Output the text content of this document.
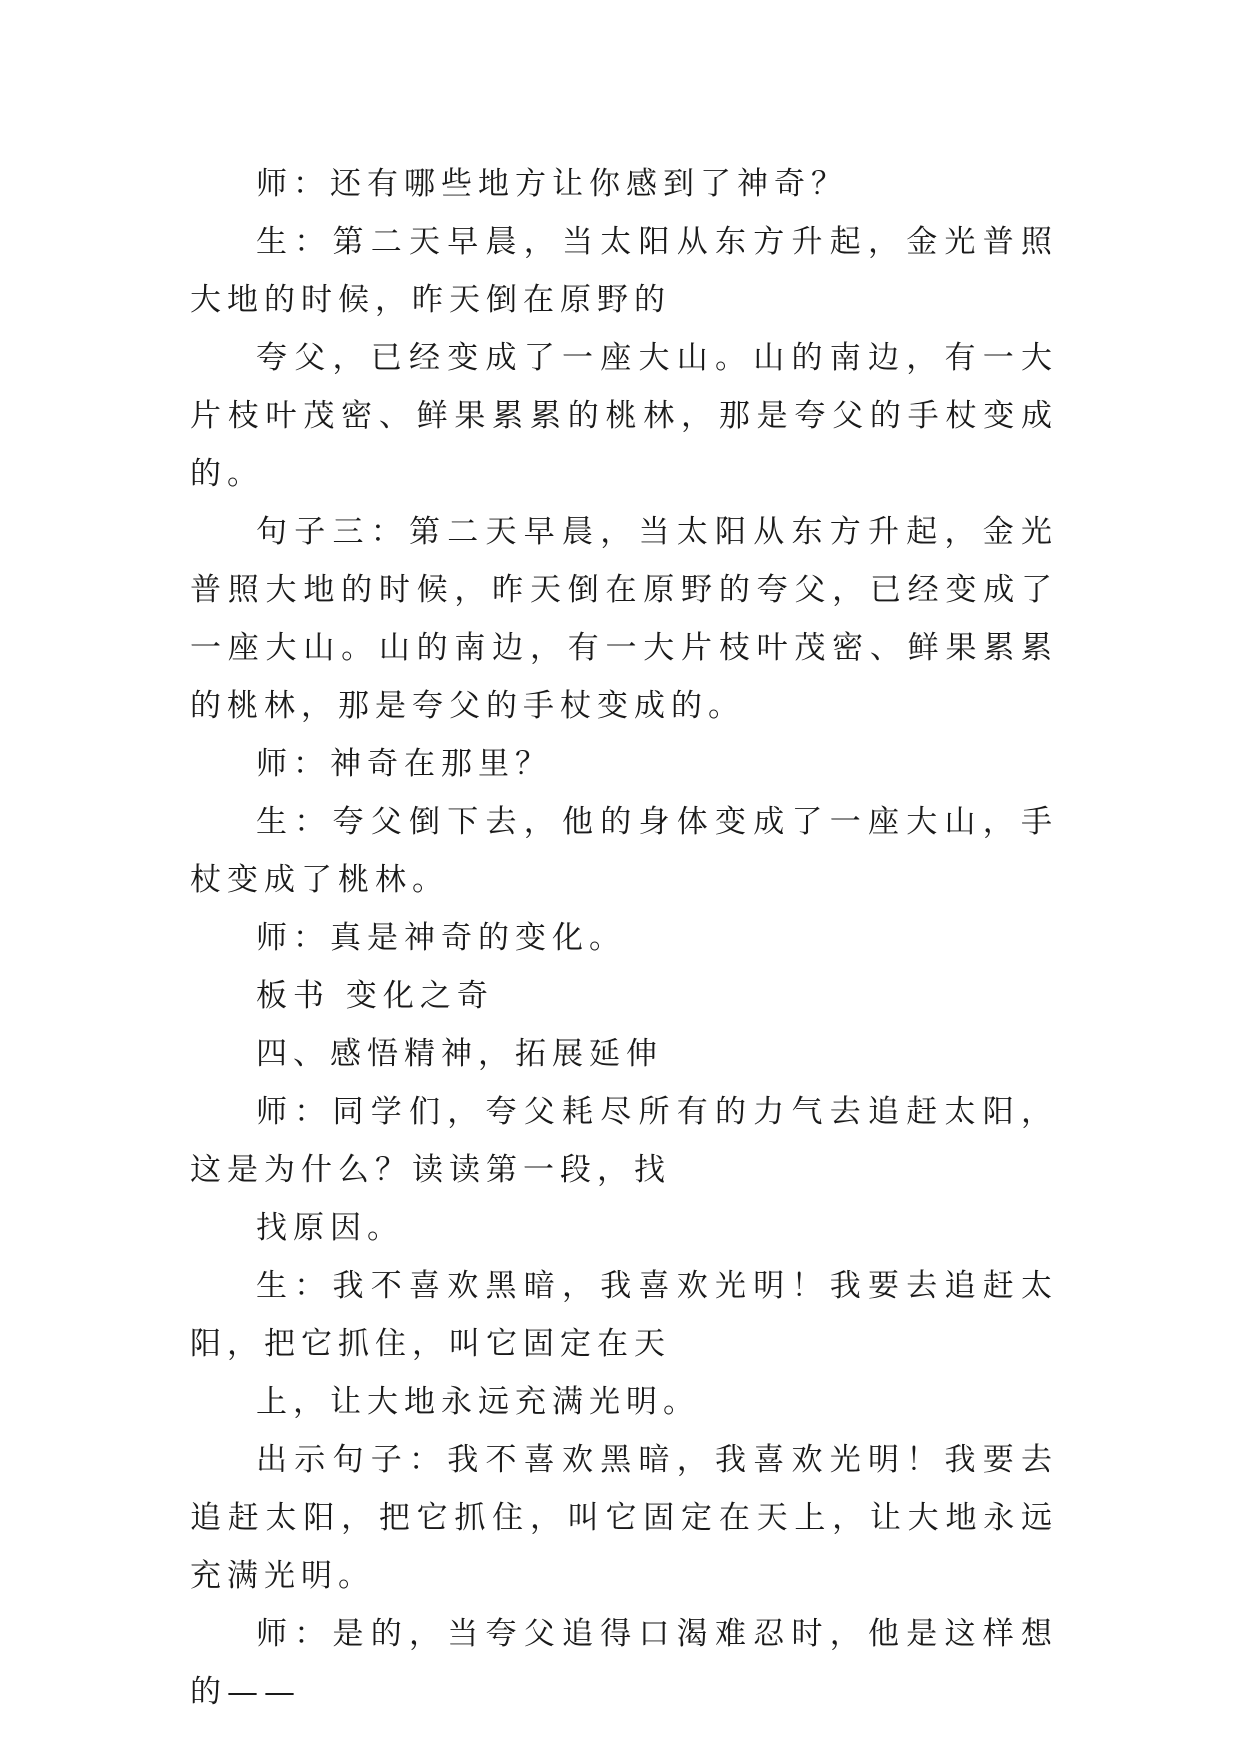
师：还有哪些地方让你感到了神奇？

生：第二天早晨，当太阳从东方升起，金光普照大地的时候，昨天倒在原野的

夸父，已经变成了一座大山。山的南边，有一大片枝叶茂密、鲜果累累的桃林，那是夸父的手杖变成的。

句子三：第二天早晨，当太阳从东方升起，金光普照大地的时候，昨天倒在原野的夸父，已经变成了一座大山。山的南边，有一大片枝叶茂密、鲜果累累的桃林，那是夸父的手杖变成的。

师：神奇在那里？

生：夸父倒下去，他的身体变成了一座大山，手杖变成了桃林。

师：真是神奇的变化。

板书 变化之奇

四、感悟精神，拓展延伸

师：同学们，夸父耗尽所有的力气去追赶太阳，这是为什么？读读第一段，找

找原因。

生：我不喜欢黑暗，我喜欢光明！我要去追赶太阳，把它抓住，叫它固定在天

上，让大地永远充满光明。

出示句子：我不喜欢黑暗，我喜欢光明！我要去追赶太阳，把它抓住，叫它固定在天上，让大地永远充满光明。

师：是的，当夸父追得口渴难忍时，他是这样想的——
